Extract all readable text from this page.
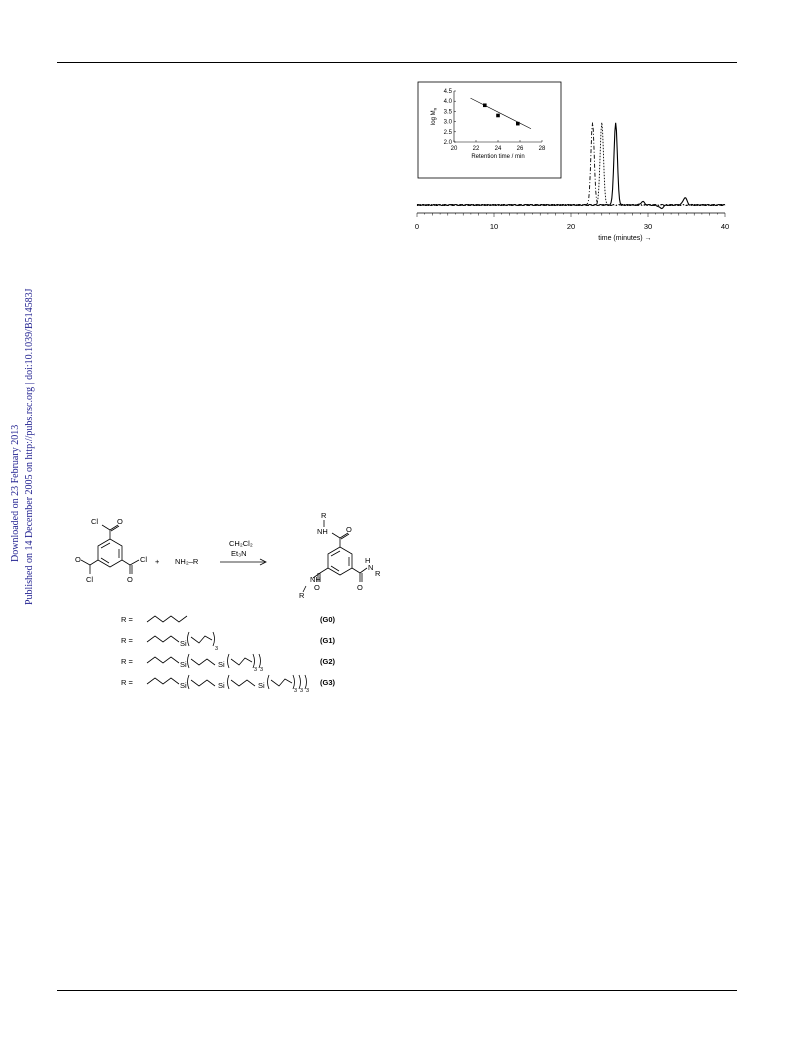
Downloaded on 23 February 2013 Published on 14 December 2005 on http://pubs.rsc.org | doi:10.1039/B514583J
20	22	24	26	28
2.0
2.5
3.0
3.5
4.0
4.5
Retention time / min
$\log M_n$
0	10	20	30	40
time (minutes) →
Cl	O
O	Cl
Cl	O
+ NH₂–R
CH₂Cl₂
Et₃N
R
NH O
H
N
R
O
O
NH
R
R =
R =
R =
R =
Si
3
Si	Si
3 3
Si	Si	Si
3 3 3
(G0)
(G1)
(G2)
(G3)
